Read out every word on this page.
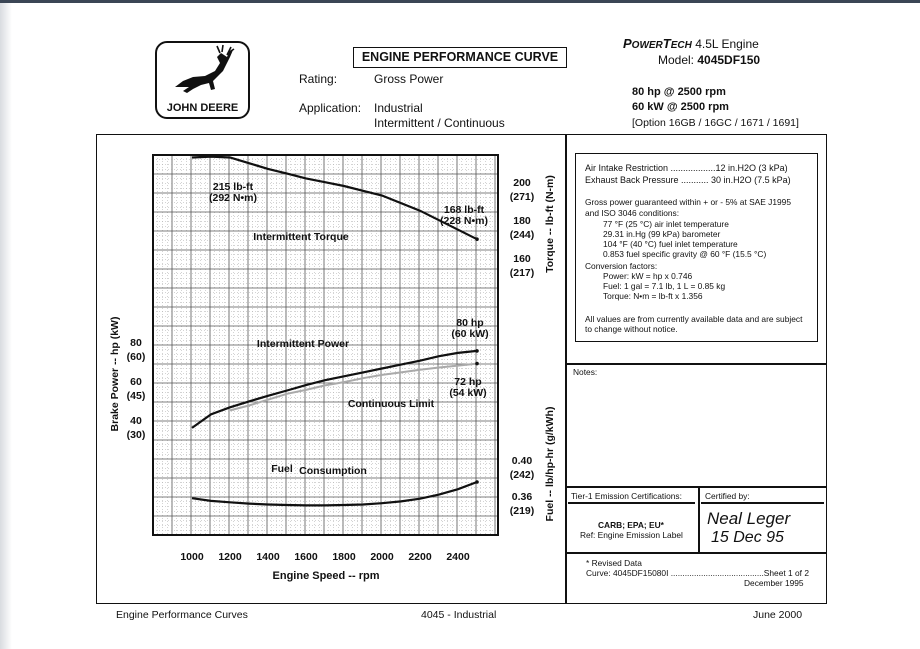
JOHN DEERE
ENGINE PERFORMANCE CURVE
Rating:	Gross Power
Application: Industrial
Intermittent / Continuous
POWERTECH 4.5L Engine
Model: 4045DF150
80 hp @ 2500 rpm
60 kW @ 2500 rpm
[Option 16GB / 16GC / 1671 / 1691]
Air Intake Restriction ..................12 in.H2O (3 kPa)
Exhaust Back Pressure ........... 30 in.H2O (7.5 kPa)
Gross power guaranteed within + or - 5% at SAE J1995
and ISO 3046 conditions:
77 °F (25 °C) air inlet temperature
29.31 in.Hg (99 kPa) barometer
104 °F (40 °C) fuel inlet temperature
0.853 fuel specific gravity @ 60 °F (15.5 °C)
Conversion factors:
Power: kW = hp x 0.746
Fuel: 1 gal = 7.1 lb, 1 L = 0.85 kg
Torque: N•m = lb-ft x 1.356
All values are from currently available data and are subject
to change without notice.
Notes:
Tier-1 Emission Certifications:	Certified by:
CARB; EPA; EU*
Ref: Engine Emission Label
Neal Leger
15 Dec 95
* Revised Data
Curve: 4045DF15080I ........................................Sheet 1 of 2
December 1995
Engine Performance Curves	4045 - Industrial	June 2000
1000 1200 1400 1600 1800 2000 2200 2400
Engine Speed -- rpm
200
(271)
180
(244)
160
(217)
80
(60)
60
(45)
40
(30)
0.40
(242)
0.36
(219)
Torque -- lb-ft (N-m)
Brake Power -- hp (kW)
Fuel -- lb/hp-hr (g/kWh)
215 lb-ft
(292 N•m)
168 lb-ft
(228 N•m)
Intermittent Torque
Intermittent Power
80 hp
(60 kW)
72 hp
(54 kW)
Continuous Limit
Fuel Consumption
